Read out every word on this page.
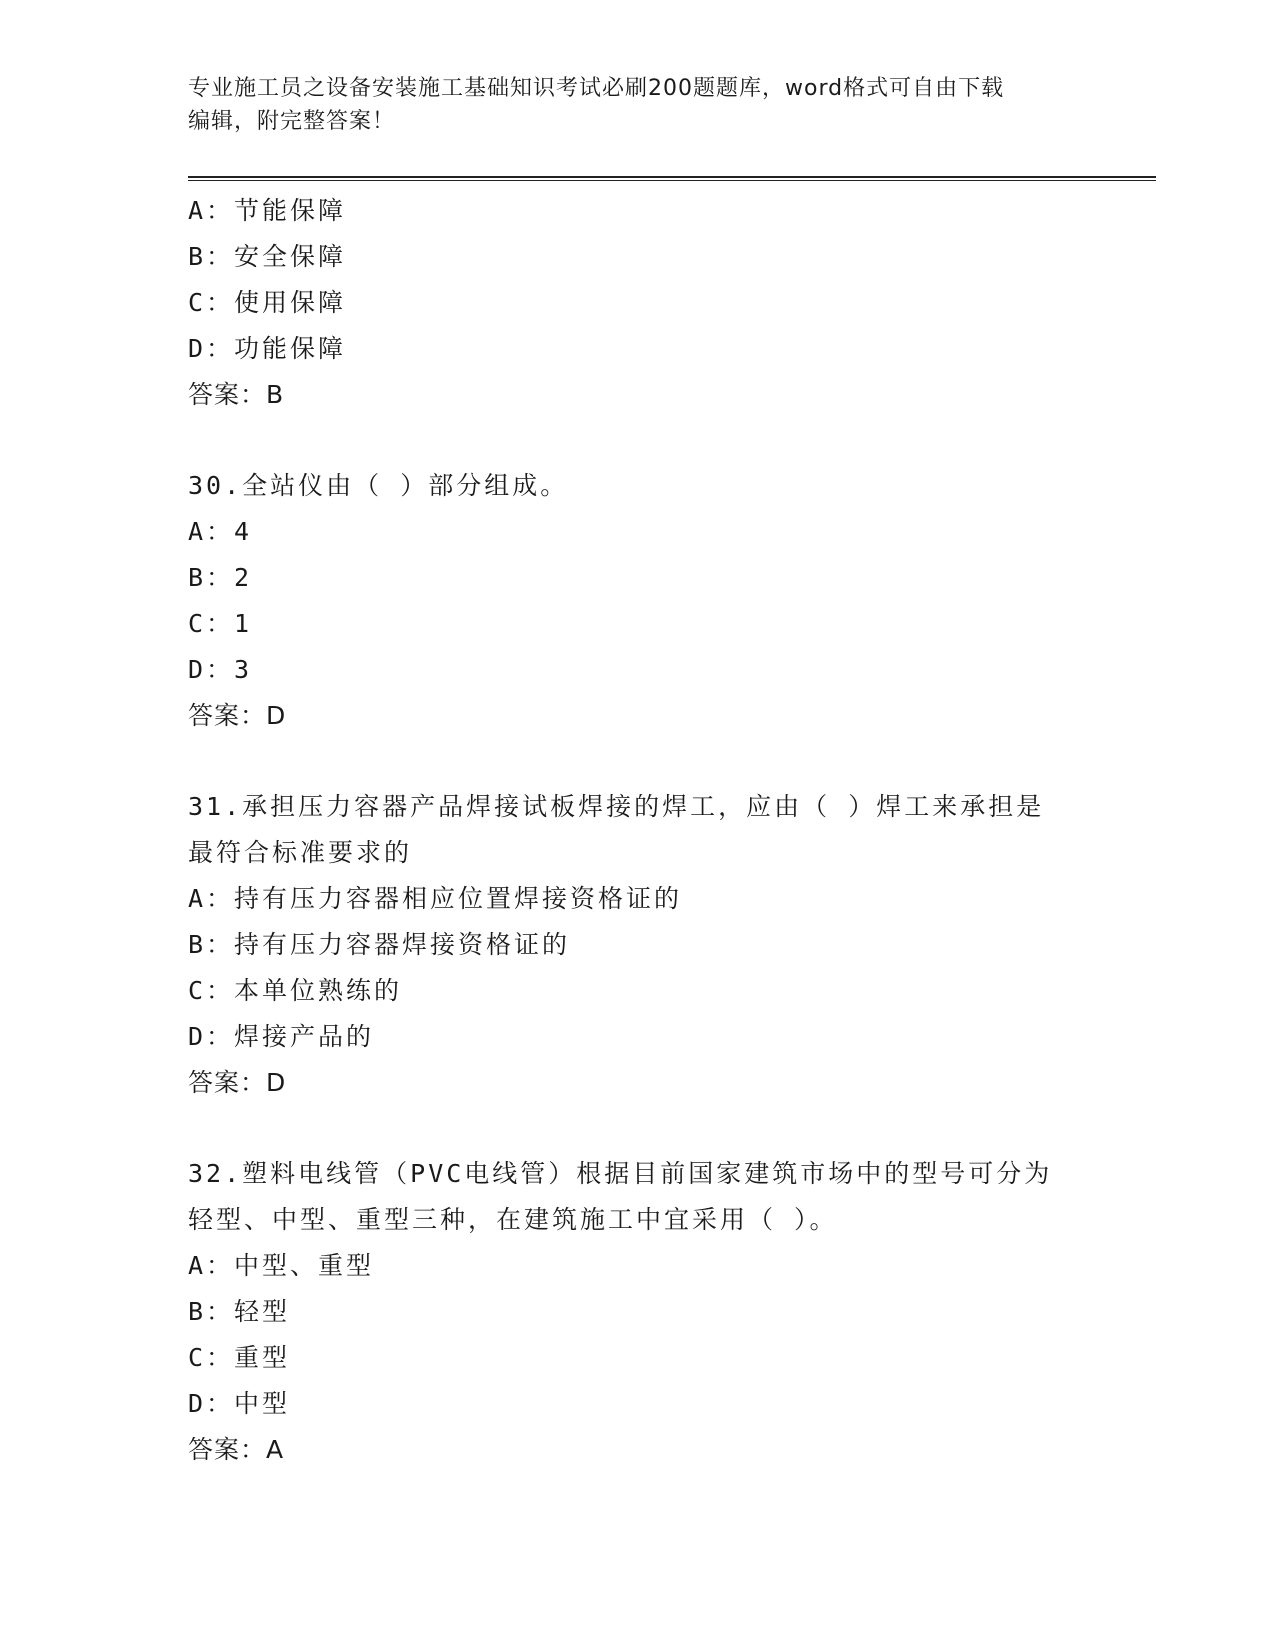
专业施工员之设备安装施工基础知识考试必刷200题题库，word格式可自由下载
编辑，附完整答案！
A：节能保障
B：安全保障
C：使用保障
D：功能保障
答案：B
30.全站仪由（ ）部分组成。
A：4
B：2
C：1
D：3
答案：D
31.承担压力容器产品焊接试板焊接的焊工，应由（ ）焊工来承担是
最符合标准要求的
A：持有压力容器相应位置焊接资格证的
B：持有压力容器焊接资格证的
C：本单位熟练的
D：焊接产品的
答案：D
32.塑料电线管（PVC电线管）根据目前国家建筑市场中的型号可分为
轻型、中型、重型三种，在建筑施工中宜采用（ ）。
A：中型、重型
B：轻型
C：重型
D：中型
答案：A
